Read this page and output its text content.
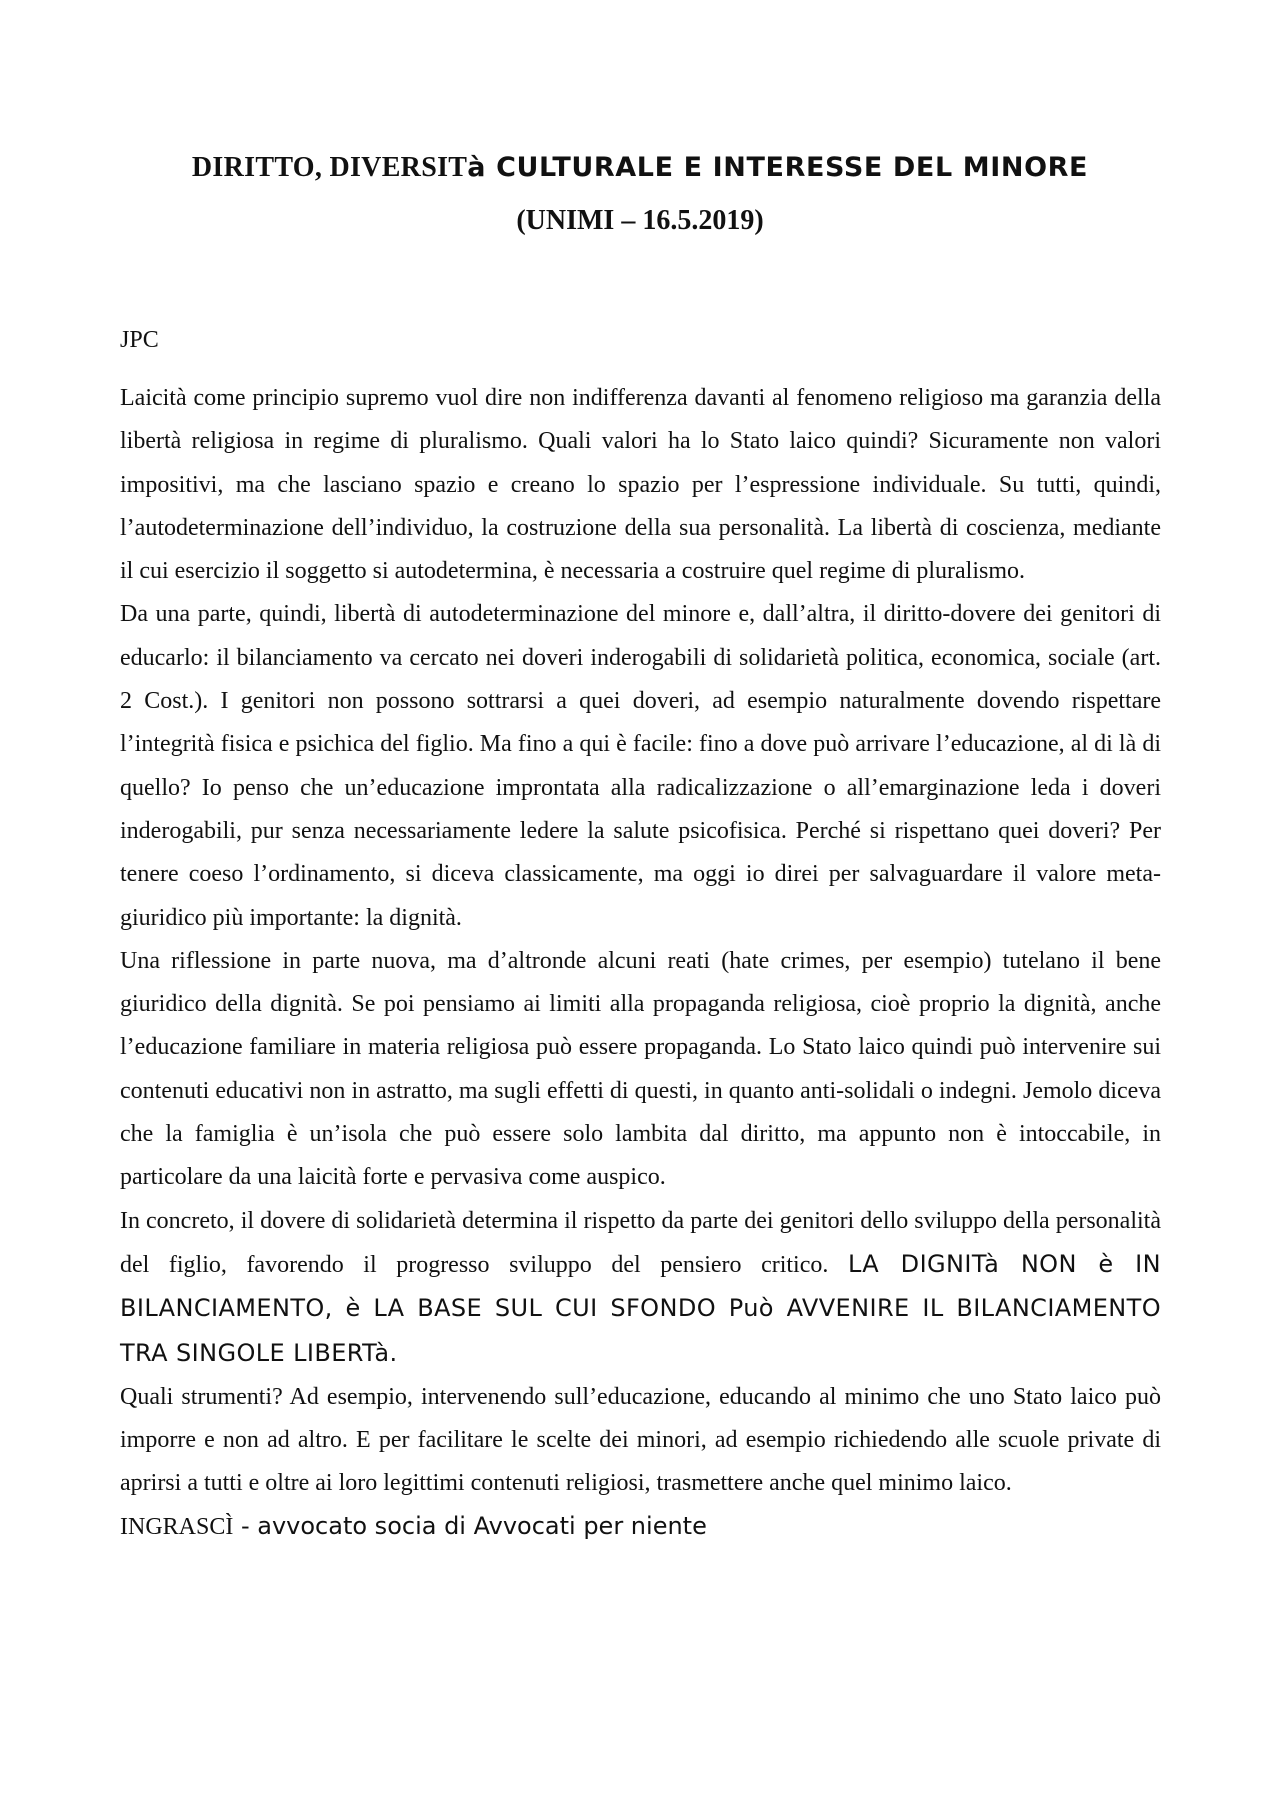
DIRITTO, DIVERSITà CULTURALE E INTERESSE DEL MINORE
(UNIMI – 16.5.2019)
JPC

Laicità come principio supremo vuol dire non indifferenza davanti al fenomeno religioso ma garanzia della libertà religiosa in regime di pluralismo. Quali valori ha lo Stato laico quindi? Sicuramente non valori impositivi, ma che lasciano spazio e creano lo spazio per l’espressione individuale. Su tutti, quindi, l’autodeterminazione dell’individuo, la costruzione della sua personalità. La libertà di coscienza, mediante il cui esercizio il soggetto si autodetermina, è necessaria a costruire quel regime di pluralismo.

Da una parte, quindi, libertà di autodeterminazione del minore e, dall’altra, il diritto-dovere dei genitori di educarlo: il bilanciamento va cercato nei doveri inderogabili di solidarietà politica, economica, sociale (art. 2 Cost.). I genitori non possono sottrarsi a quei doveri, ad esempio naturalmente dovendo rispettare l’integrità fisica e psichica del figlio. Ma fino a qui è facile: fino a dove può arrivare l’educazione, al di là di quello? Io penso che un’educazione improntata alla radicalizzazione o all’emarginazione leda i doveri inderogabili, pur senza necessariamente ledere la salute psicofisica. Perché si rispettano quei doveri? Per tenere coeso l’ordinamento, si diceva classicamente, ma oggi io direi per salvaguardare il valore meta-giuridico più importante: la dignità.

Una riflessione in parte nuova, ma d’altronde alcuni reati (hate crimes, per esempio) tutelano il bene giuridico della dignità. Se poi pensiamo ai limiti alla propaganda religiosa, cioè proprio la dignità, anche l’educazione familiare in materia religiosa può essere propaganda. Lo Stato laico quindi può intervenire sui contenuti educativi non in astratto, ma sugli effetti di questi, in quanto anti-solidali o indegni. Jemolo diceva che la famiglia è un’isola che può essere solo lambita dal diritto, ma appunto non è intoccabile, in particolare da una laicità forte e pervasiva come auspico.

In concreto, il dovere di solidarietà determina il rispetto da parte dei genitori dello sviluppo della personalità del figlio, favorendo il progresso sviluppo del pensiero critico. LA DIGNITà NON è IN BILANCIAMENTO, è LA BASE SUL CUI SFONDO Può AVVENIRE IL BILANCIAMENTO TRA SINGOLE LIBERTà.

Quali strumenti? Ad esempio, intervenendo sull’educazione, educando al minimo che uno Stato laico può imporre e non ad altro. E per facilitare le scelte dei minori, ad esempio richiedendo alle scuole private di aprirsi a tutti e oltre ai loro legittimi contenuti religiosi, trasmettere anche quel minimo laico.

INGRASCÌ - avvocato socia di Avvocati per niente
